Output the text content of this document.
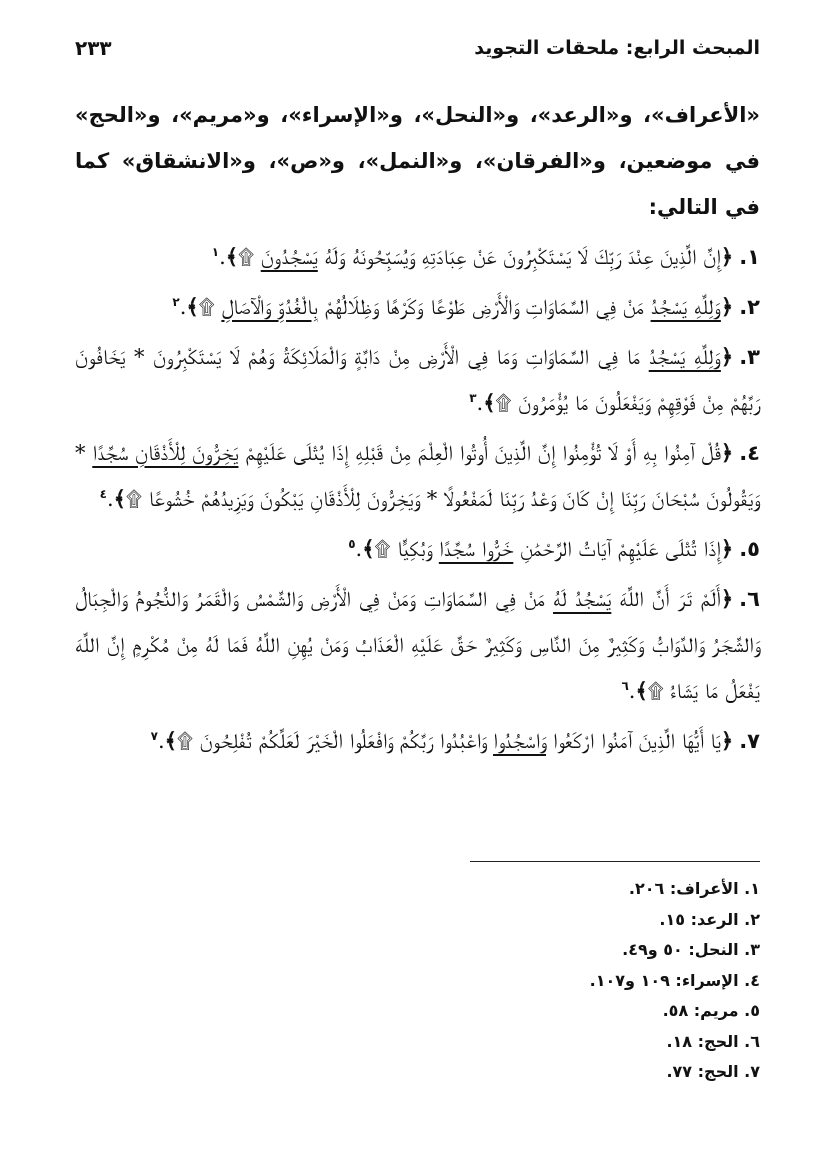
المبحث الرابع: ملحقات التجويد
٢٣٣

«الأعراف»، و«الرعد»، و«النحل»، و«الإسراء»، و«مريم»، و«الحج» في موضعين، و«الفرقان»، و«النمل»، و«ص»، و«الانشقاق» كما في التالي:

١.﴿إِنَّ الَّذِينَ عِنْدَ رَبِّكَ لَا يَسْتَكْبِرُونَ عَنْ عِبَادَتِهِ وَيُسَبِّحُونَهُ وَلَهُ يَسْجُدُونَ ۩﴾.$^١$

٢.﴿وَلِلَّهِ يَسْجُدُ مَنْ فِي السَّمَاوَاتِ وَالْأَرْضِ طَوْعًا وَكَرْهًا وَظِلَالُهُمْ بِالْغُدُوِّ وَالْآصَالِ ۩﴾.$^٢$

٣.﴿وَلِلَّهِ يَسْجُدُ مَا فِي السَّمَاوَاتِ وَمَا فِي الْأَرْضِ مِنْ دَابَّةٍ وَالْمَلَائِكَةُ وَهُمْ لَا يَسْتَكْبِرُونَ * يَخَافُونَ رَبَّهُمْ مِنْ فَوْقِهِمْ وَيَفْعَلُونَ مَا يُؤْمَرُونَ ۩﴾.$^٣$

٤.﴿قُلْ آمِنُوا بِهِ أَوْ لَا تُؤْمِنُوا إِنَّ الَّذِينَ أُوتُوا الْعِلْمَ مِنْ قَبْلِهِ إِذَا يُتْلَى عَلَيْهِمْ يَخِرُّونَ لِلْأَذْقَانِ سُجَّدًا * وَيَقُولُونَ سُبْحَانَ رَبِّنَا إِنْ كَانَ وَعْدُ رَبِّنَا لَمَفْعُولًا * وَيَخِرُّونَ لِلْأَذْقَانِ يَبْكُونَ وَيَزِيدُهُمْ خُشُوعًا ۩﴾.$^٤$

٥.﴿إِذَا تُتْلَى عَلَيْهِمْ آيَاتُ الرَّحْمَٰنِ خَرُّوا سُجَّدًا وَبُكِيًّا ۩﴾.$^٥$

٦.﴿أَلَمْ تَرَ أَنَّ اللَّهَ يَسْجُدُ لَهُ مَنْ فِي السَّمَاوَاتِ وَمَنْ فِي الْأَرْضِ وَالشَّمْسُ وَالْقَمَرُ وَالنُّجُومُ وَالْجِبَالُ وَالشَّجَرُ وَالدَّوَابُّ وَكَثِيرٌ مِنَ النَّاسِ وَكَثِيرٌ حَقَّ عَلَيْهِ الْعَذَابُ وَمَنْ يُهِنِ اللَّهُ فَمَا لَهُ مِنْ مُكْرِمٍ إِنَّ اللَّهَ يَفْعَلُ مَا يَشَاءُ ۩﴾.$^٦$

٧.﴿يَا أَيُّهَا الَّذِينَ آمَنُوا ارْكَعُوا وَاسْجُدُوا وَاعْبُدُوا رَبَّكُمْ وَافْعَلُوا الْخَيْرَ لَعَلَّكُمْ تُفْلِحُونَ ۩﴾.$^٧$

١. الأعراف: ٢٠٦.

٢. الرعد: ١٥.

٣. النحل: ٥٠ و٤٩.

٤. الإسراء: ١٠٩ و١٠٧.

٥. مريم: ٥٨.

٦. الحج: ١٨.

٧. الحج: ٧٧.
